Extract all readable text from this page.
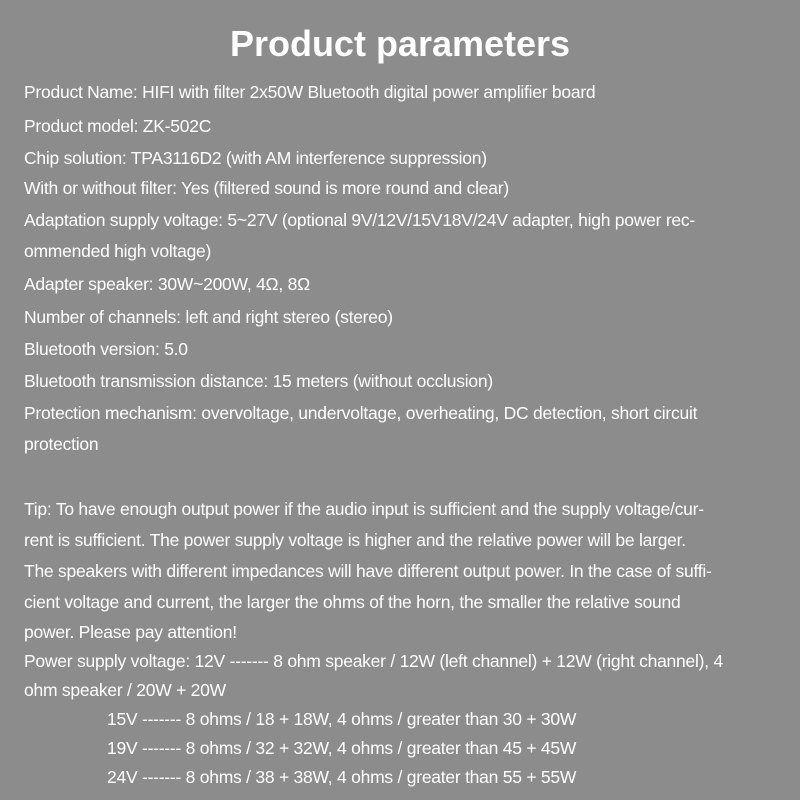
Product parameters
Product Name: HIFI with filter 2x50W Bluetooth digital power amplifier board
Product model: ZK-502C
Chip solution: TPA3116D2 (with AM interference suppression)
With or without filter: Yes (filtered sound is more round and clear)
Adaptation supply voltage: 5~27V (optional 9V/12V/15V18V/24V adapter, high power rec-
ommended high voltage)
Adapter speaker: 30W~200W, 4Ω, 8Ω
Number of channels: left and right stereo (stereo)
Bluetooth version: 5.0
Bluetooth transmission distance: 15 meters (without occlusion)
Protection mechanism: overvoltage, undervoltage, overheating, DC detection, short circuit
protection
Tip: To have enough output power if the audio input is sufficient and the supply voltage/cur-
rent is sufficient. The power supply voltage is higher and the relative power will be larger.
The speakers with different impedances will have different output power. In the case of suffi-
cient voltage and current, the larger the ohms of the horn, the smaller the relative sound
power. Please pay attention!
Power supply voltage: 12V ------- 8 ohm speaker / 12W (left channel) + 12W (right channel), 4
ohm speaker / 20W + 20W
15V ------- 8 ohms / 18 + 18W, 4 ohms / greater than 30 + 30W
19V ------- 8 ohms / 32 + 32W, 4 ohms / greater than 45 + 45W
24V ------- 8 ohms / 38 + 38W, 4 ohms / greater than 55 + 55W
